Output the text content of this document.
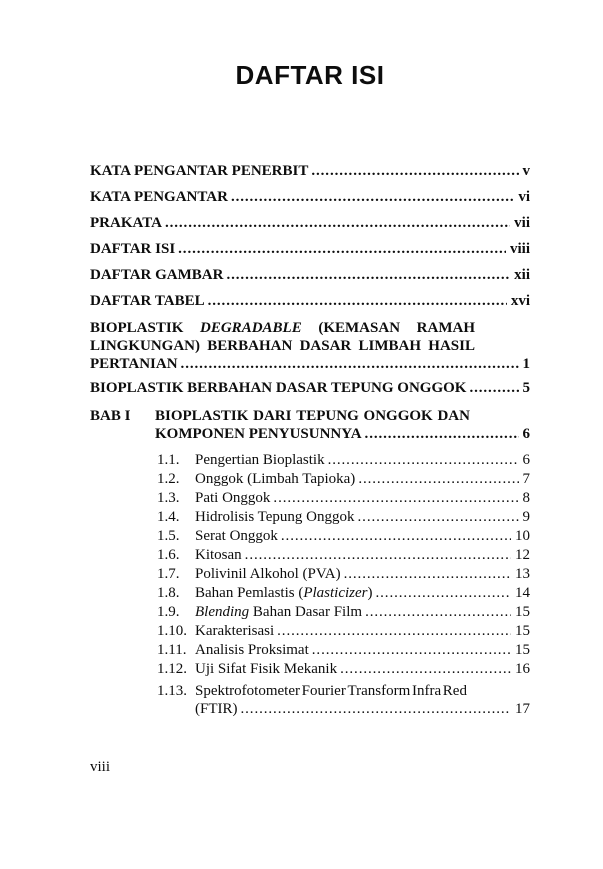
DAFTAR ISI
KATA PENGANTAR PENERBIT .....	v
KATA PENGANTAR .....	vi
PRAKATA .....	vii
DAFTAR ISI .....	viii
DAFTAR GAMBAR .....	xii
DAFTAR TABEL .....	xvi
BIOPLASTIK DEGRADABLE (KEMASAN RAMAH
LINGKUNGAN) BERBAHAN DASAR LIMBAH HASIL
PERTANIAN .....	1
BIOPLASTIK BERBAHAN DASAR TEPUNG ONGGOK .....	5
BAB I	BIOPLASTIK DARI TEPUNG ONGGOK DAN
KOMPONEN PENYUSUNNYA .....	6
1.1.	Pengertian Bioplastik .....	6
1.2.	Onggok (Limbah Tapioka) .....	7
1.3.	Pati Onggok .....	8
1.4.	Hidrolisis Tepung Onggok .....	9
1.5.	Serat Onggok .....	10
1.6.	Kitosan .....	12
1.7.	Polivinil Alkohol (PVA) .....	13
1.8.	Bahan Pemlastis (Plasticizer) .....	14
1.9.	Blending Bahan Dasar Film .....	15
1.10. Karakterisasi .....	15
1.11. Analisis Proksimat .....	15
1.12. Uji Sifat Fisik Mekanik .....	16
1.13. Spektrofotometer Fourier Transform Infra Red
(FTIR) .....	17
viii
